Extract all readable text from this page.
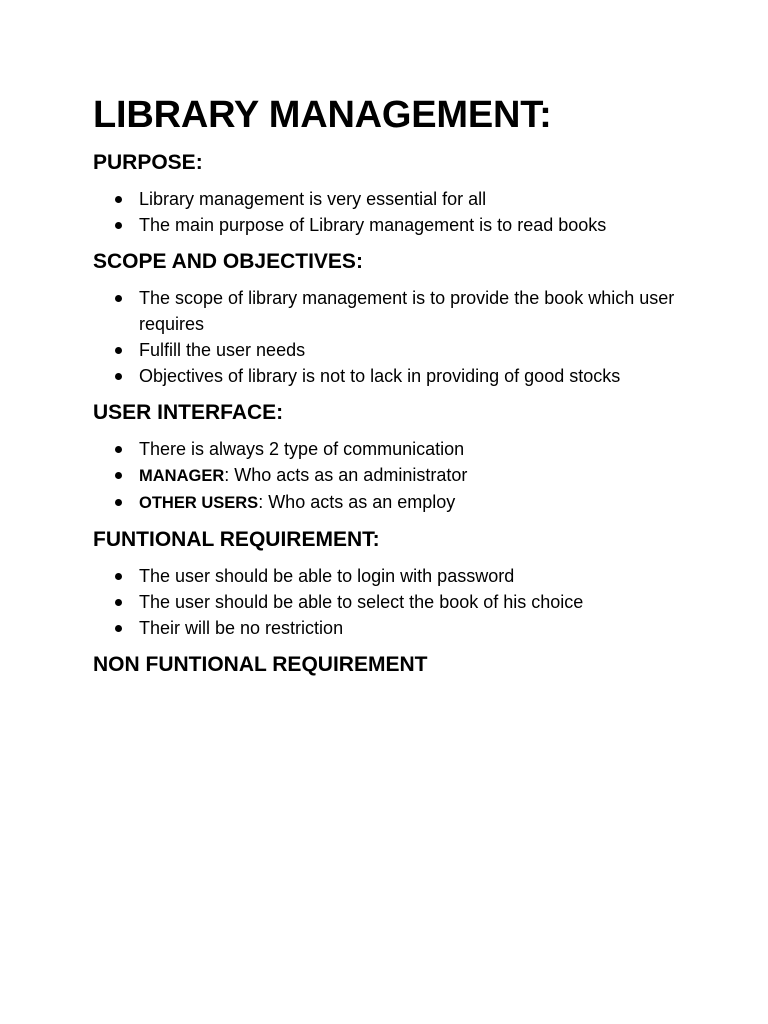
LIBRARY MANAGEMENT:
PURPOSE:
Library management is very essential for all
The main purpose of Library management is to read books
SCOPE AND OBJECTIVES:
The scope of library management is to provide the book which user requires
Fulfill the user needs
Objectives of library is not to lack in providing of good stocks
USER INTERFACE:
There is always 2 type of communication
MANAGER: Who acts as an administrator
OTHER USERS: Who acts as an employ
FUNTIONAL REQUIREMENT:
The user should be able to login with password
The user should be able to select the book of his choice
Their will be no restriction
NON FUNTIONAL REQUIREMENT
